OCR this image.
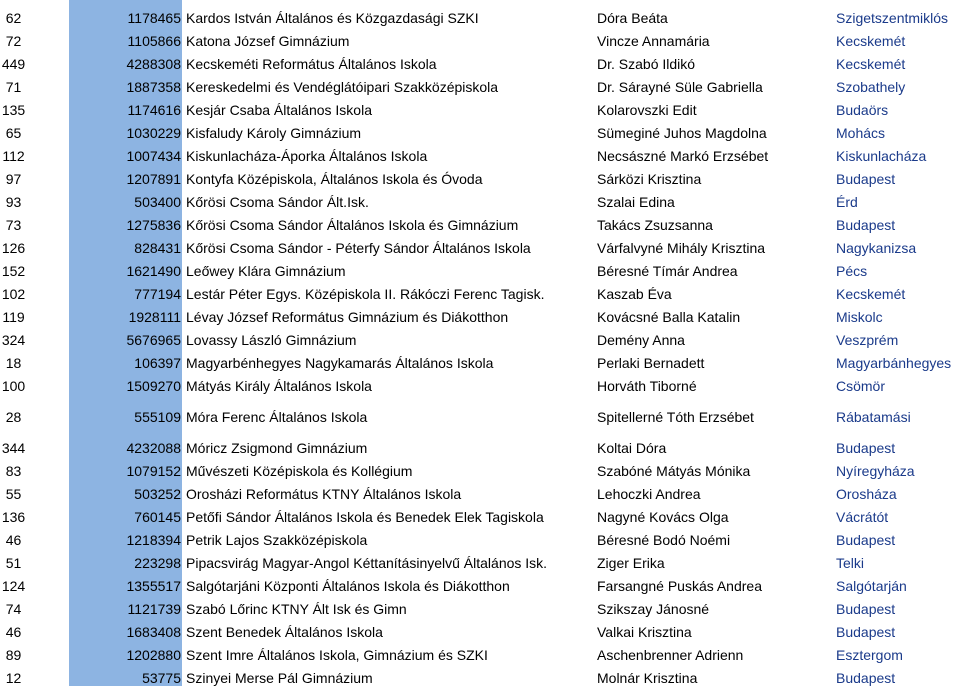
62	1178465 Kardos István Általános és Közgazdasági SZKI	Dóra Beáta	Szigetszentmiklós
72	1105866 Katona József Gimnázium	Vincze Annamária	Kecskemét
449	4288308 Kecskeméti Református Általános Iskola	Dr. Szabó Ildikó	Kecskemét
71	1887358 Kereskedelmi és Vendéglátóipari Szakközépiskola	Dr. Sárayné Süle Gabriella	Szobathely
135	1174616 Kesjár Csaba Általános Iskola	Kolarovszki Edit	Budaörs
65	1030229 Kisfaludy Károly Gimnázium	Sümeginé Juhos Magdolna	Mohács
112	1007434 Kiskunlacháza-Áporka Általános Iskola	Necsászné Markó Erzsébet	Kiskunlacháza
97	1207891 Kontyfa Középiskola, Általános Iskola és Óvoda	Sárközi Krisztina	Budapest
93	503400 Kőrösi Csoma Sándor Ált.Isk.	Szalai Edina	Érd
73	1275836 Kőrösi Csoma Sándor Általános Iskola és Gimnázium	Takács Zsuzsanna	Budapest
126	828431 Kőrösi Csoma Sándor - Péterfy Sándor Általános Iskola	Várfalvyné Mihály Krisztina	Nagykanizsa
152	1621490 Leőwey Klára Gimnázium	Béresné Tímár Andrea	Pécs
102	777194 Lestár Péter Egys. Középiskola II. Rákóczi Ferenc Tagisk.	Kaszab Éva	Kecskemét
119	1928111 Lévay József Református Gimnázium és Diákotthon	Kovácsné Balla Katalin	Miskolc
324	5676965 Lovassy László Gimnázium	Demény Anna	Veszprém
18	106397 Magyarbénhegyes Nagykamarás Általános Iskola	Perlaki Bernadett	Magyarbánhegyes
100	1509270 Mátyás Király Általános Iskola	Horváth Tiborné	Csömör
28	555109 Móra Ferenc Általános Iskola	Spitellerné Tóth Erzsébet	Rábatamási
344	4232088 Móricz Zsigmond Gimnázium	Koltai Dóra	Budapest
83	1079152 Művészeti Középiskola és Kollégium	Szabóné Mátyás Mónika	Nyíregyháza
55	503252 Orosházi Református KTNY Általános Iskola	Lehoczki Andrea	Orosháza
136	760145 Petőfi Sándor Általános Iskola és Benedek Elek Tagiskola	Nagyné Kovács Olga	Vácrátót
46	1218394 Petrik Lajos Szakközépiskola	Béresné Bodó Noémi	Budapest
51	223298 Pipacsvirág Magyar-Angol Kéttanításinyelvű Általános Isk.	Ziger Erika	Telki
124	1355517 Salgótarjáni Központi Általános Iskola és Diákotthon	Farsangné Puskás Andrea	Salgótarján
74	1121739 Szabó Lőrinc KTNY Ált Isk és Gimn	Szikszay Jánosné	Budapest
46	1683408 Szent Benedek Általános Iskola	Valkai Krisztina	Budapest
89	1202880 Szent Imre Általános Iskola, Gimnázium és SZKI	Aschenbrenner Adrienn	Esztergom
12	53775 Szinyei Merse Pál Gimnázium	Molnár Krisztina	Budapest
